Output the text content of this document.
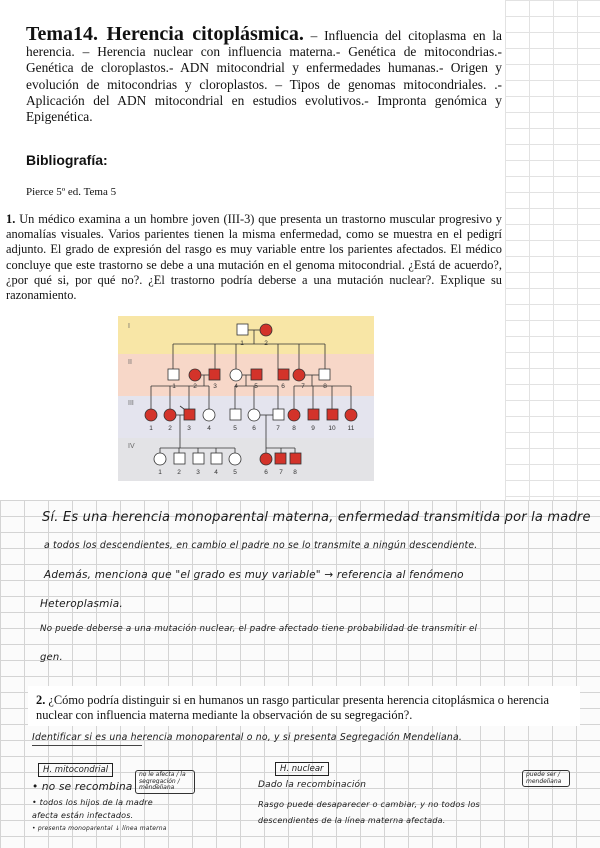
Tema14. Herencia citoplásmica. – Influencia del citoplasma en la herencia. – Herencia nuclear con influencia materna.- Genética de mitocondrias.- Genética de cloroplastos.- ADN mitocondrial y enfermedades humanas.- Origen y evolución de mitocondrias y cloroplastos. – Tipos de genomas mitocondriales. .- Aplicación del ADN mitocondrial en estudios evolutivos.- Impronta genómica y Epigenética.
Bibliografía:
Pierce 5º ed. Tema 5
1. Un médico examina a un hombre joven (III-3) que presenta un trastorno muscular progresivo y anomalías visuales. Varios parientes tienen la misma enfermedad, como se muestra en el pedigrí adjunto. El grado de expresión del rasgo es muy variable entre los parientes afectados. El médico concluye que este trastorno se debe a una mutación en el genoma mitocondrial. ¿Está de acuerdo?, ¿por qué si, por qué no?. ¿El trastorno podría deberse a una mutación nuclear?. Explique su razonamiento.
I
II
III
IV
1	2
1	2	3	4	5	6	7	8
1 2 3	4	5 6	7 8 9 10 11
1 2 3 4 5	6 7 8
Sí. Es una herencia monoparental materna, enfermedad transmitida por la madre
a todos los descendientes, en cambio el padre no se lo transmite a ningún descendiente.
Además, menciona que "el grado es muy variable" → referencia al fenómeno
Heteroplasmia.
No puede deberse a una mutación nuclear, el padre afectado tiene probabilidad de transmitir el
gen.
2. ¿Cómo podría distinguir si en humanos un rasgo particular presenta herencia citoplásmica o herencia nuclear con influencia materna mediante la observación de su segregación?.
Identificar si es una herencia monoparental o no, y si presenta Segregación Mendeliana.
H. mitocondrial	no le afecta / la segregación / mendeliana
• no se recombina
• todos los hijos de la madre
afecta están infectados.
• presenta monoparental ↓ línea materna
H. nuclear
puede ser / mendeliana
Dado la recombinación
Rasgo puede desaparecer o cambiar, y no todos los
descendientes de la línea materna afectada.
